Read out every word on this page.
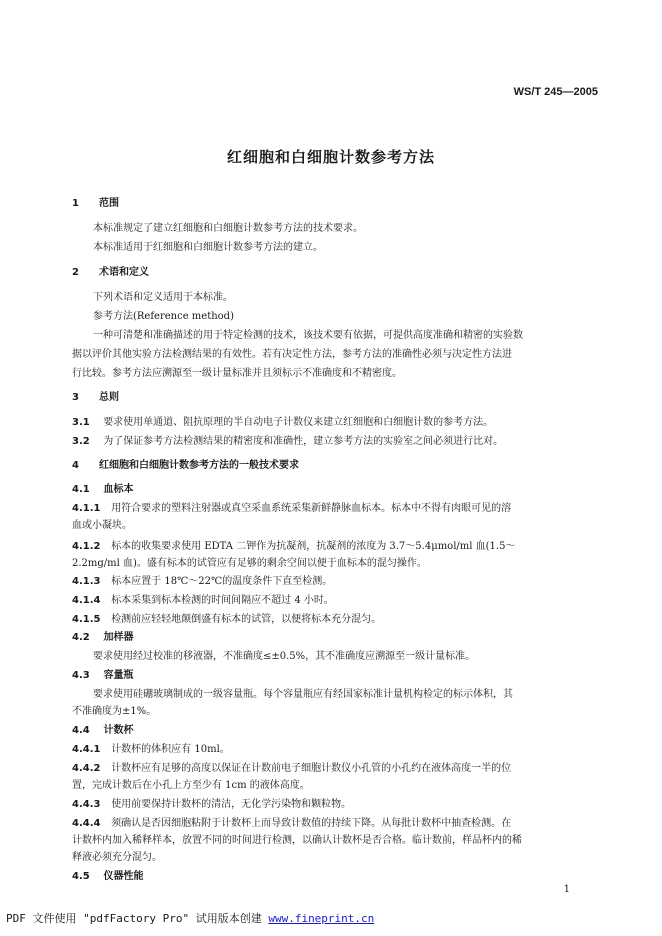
WS/T 245—2005
红细胞和白细胞计数参考方法
1 范围
本标准规定了建立红细胞和白细胞计数参考方法的技术要求。
本标准适用于红细胞和白细胞计数参考方法的建立。
2 术语和定义
下列术语和定义适用于本标准。
参考方法(Reference method)
一种可清楚和准确描述的用于特定检测的技术，该技术要有依据，可提供高度准确和精密的实验数
据以评价其他实验方法检测结果的有效性。若有决定性方法，参考方法的准确性必须与决定性方法进
行比较。参考方法应溯源至一级计量标准并且须标示不准确度和不精密度。
3 总则
3.1 要求使用单通道、阻抗原理的半自动电子计数仪来建立红细胞和白细胞计数的参考方法。
3.2 为了保证参考方法检测结果的精密度和准确性，建立参考方法的实验室之间必须进行比对。
4 红细胞和白细胞计数参考方法的一般技术要求
4.1 血标本
4.1.1 用符合要求的塑料注射器或真空采血系统采集新鲜静脉血标本。标本中不得有肉眼可见的溶
血或小凝块。
4.1.2 标本的收集要求使用 EDTA 二钾作为抗凝剂，抗凝剂的浓度为 3.7～5.4μmol/ml 血(1.5～
2.2mg/ml 血)。盛有标本的试管应有足够的剩余空间以便于血标本的混匀操作。
4.1.3 标本应置于 18℃～22℃的温度条件下直至检测。
4.1.4 标本采集到标本检测的时间间隔应不超过 4 小时。
4.1.5 检测前应轻轻地颠倒盛有标本的试管，以便将标本充分混匀。
4.2 加样器
要求使用经过校准的移液器，不准确度≤±0.5%，其不准确度应溯源至一级计量标准。
4.3 容量瓶
要求使用硅硼玻璃制成的一级容量瓶。每个容量瓶应有经国家标准计量机构检定的标示体积，其
不准确度为±1%。
4.4 计数杯
4.4.1 计数杯的体积应有 10ml。
4.4.2 计数杯应有足够的高度以保证在计数前电子细胞计数仪小孔管的小孔约在液体高度一半的位
置，完成计数后在小孔上方至少有 1cm 的液体高度。
4.4.3 使用前要保持计数杯的清洁，无化学污染物和颗粒物。
4.4.4 须确认是否因细胞粘附于计数杯上而导致计数值的持续下降。从每批计数杯中抽查检测。在
计数杯内加入稀释样本，放置不同的时间进行检测，以确认计数杯是否合格。临计数前，样品杯内的稀
释液必须充分混匀。
4.5 仪器性能
1
PDF 文件使用 "pdfFactory Pro" 试用版本创建 www.fineprint.cn
